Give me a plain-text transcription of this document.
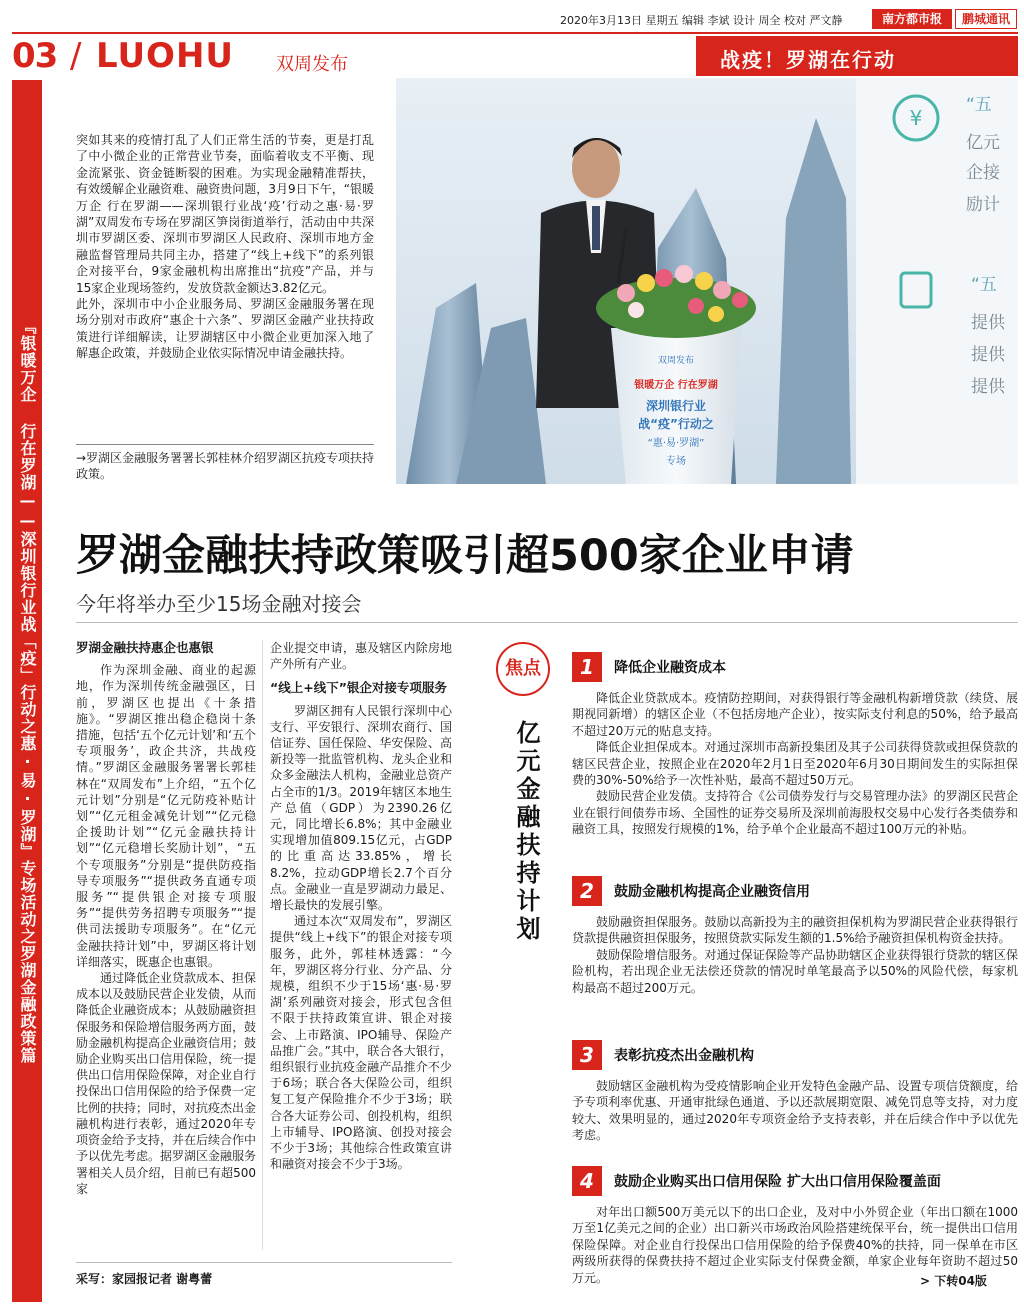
2020年3月13日 星期五 编辑 李斌 设计 周全 校对 严文静	南方都市报	鹏城通讯
03 / LUOHU 双周发布	战疫！罗湖在行动
『银暖万企 行在罗湖——深圳银行业战「疫」行动之惠·易·罗湖』专场活动之罗湖金融政策篇

突如其来的疫情打乱了人们正常生活的节奏，更是打乱了中小微企业的正常营业节奏，面临着收支不平衡、现金流紧张、资金链断裂的困难。为实现金融精准帮扶，有效缓解企业融资难、融资贵问题，3月9日下午，“银暖万企 行在罗湖——深圳银行业战‘疫’行动之惠·易·罗湖”双周发布专场在罗湖区笋岗街道举行，活动由中共深圳市罗湖区委、深圳市罗湖区人民政府、深圳市地方金融监督管理局共同主办，搭建了“线上+线下”的系列银企对接平台，9家金融机构出席推出“抗疫”产品，并与15家企业现场签约，发放贷款金额达3.82亿元。

此外，深圳市中小企业服务局、罗湖区金融服务署在现场分别对市政府“惠企十六条”、罗湖区金融产业扶持政策进行详细解读，让罗湖辖区中小微企业更加深入地了解惠企政策，并鼓励企业依实际情况申请金融扶持。

→罗湖区金融服务署署长郭桂林介绍罗湖区抗疫专项扶持政策。
¥
“五
亿元
企接
励计
“五
提供
提供
提供
双周发布
银暖万企 行在罗湖
深圳银行业
战“疫”行动之
“惠·易·罗湖”
专场
罗湖金融扶持政策吸引超500家企业申请
今年将举办至少15场金融对接会
罗湖金融扶持惠企也惠银

作为深圳金融、商业的起源地，作为深圳传统金融强区，日前，罗湖区也提出《十条措施》。“罗湖区推出稳企稳岗十条措施，包括‘五个亿元计划’和‘五个专项服务’，政企共济，共战疫情。”罗湖区金融服务署署长郭桂林在“双周发布”上介绍，“五个亿元计划”分别是“亿元防疫补贴计划”“亿元租金减免计划”“亿元稳企援助计划”“亿元金融扶持计划”“亿元稳增长奖励计划”，“五个专项服务”分别是“提供防疫指导专项服务”“提供政务直通专项服务”“提供银企对接专项服务”“提供劳务招聘专项服务”“提供司法援助专项服务”。在“亿元金融扶持计划”中，罗湖区将计划详细落实，既惠企也惠银。

通过降低企业贷款成本、担保成本以及鼓励民营企业发债，从而降低企业融资成本；从鼓励融资担保服务和保险增信服务两方面，鼓励金融机构提高企业融资信用；鼓励企业购买出口信用保险，统一提供出口信用保险保障，对企业自行投保出口信用保险的给予保费一定比例的扶持；同时，对抗疫杰出金融机构进行表彰，通过2020年专项资金给予支持，并在后续合作中予以优先考虑。据罗湖区金融服务署相关人员介绍，目前已有超500家

企业提交申请，惠及辖区内除房地产外所有产业。

“线上+线下”银企对接专项服务

罗湖区拥有人民银行深圳中心支行、平安银行、深圳农商行、国信证券、国任保险、华安保险、高新投等一批监管机构、龙头企业和众多金融法人机构，金融业总资产占全市的1/3。2019年辖区本地生产总值（GDP）为2390.26亿元，同比增长6.8%；其中金融业实现增加值809.15亿元，占GDP的比重高达33.85%，增长8.2%，拉动GDP增长2.7个百分点。金融业一直是罗湖动力最足、增长最快的发展引擎。

通过本次“双周发布”，罗湖区提供“线上+线下”的银企对接专项服务，此外，郭桂林透露：“今年，罗湖区将分行业、分产品、分规模，组织不少于15场‘惠·易·罗湖’系列融资对接会，形式包含但不限于扶持政策宣讲、银企对接会、上市路演、IPO辅导、保险产品推广会。”其中，联合各大银行，组织银行业抗疫金融产品推介不少于6场；联合各大保险公司，组织复工复产保险推介不少于3场；联合各大证券公司、创投机构，组织上市辅导、IPO路演、创投对接会不少于3场；其他综合性政策宣讲和融资对接会不少于3场。

采写：家园报记者 谢粤蕾
焦点
亿元金融扶持计划
1	降低企业融资成本

降低企业贷款成本。疫情防控期间，对获得银行等金融机构新增贷款（续贷、展期视同新增）的辖区企业（不包括房地产企业），按实际支付利息的50%，给予最高不超过20万元的贴息支持。

降低企业担保成本。对通过深圳市高新投集团及其子公司获得贷款或担保贷款的辖区民营企业，按照企业在2020年2月1日至2020年6月30日期间发生的实际担保费的30%-50%给予一次性补贴，最高不超过50万元。

鼓励民营企业发债。支持符合《公司债券发行与交易管理办法》的罗湖区民营企业在银行间债券市场、全国性的证券交易所及深圳前海股权交易中心发行各类债券和融资工具，按照发行规模的1%，给予单个企业最高不超过100万元的补贴。

2	鼓励金融机构提高企业融资信用

鼓励融资担保服务。鼓励以高新投为主的融资担保机构为罗湖民营企业获得银行贷款提供融资担保服务，按照贷款实际发生额的1.5%给予融资担保机构资金扶持。

鼓励保险增信服务。对通过保证保险等产品协助辖区企业获得银行贷款的辖区保险机构，若出现企业无法偿还贷款的情况时单笔最高予以50%的风险代偿，每家机构最高不超过200万元。

3	表彰抗疫杰出金融机构

鼓励辖区金融机构为受疫情影响企业开发特色金融产品、设置专项信贷额度，给予专项利率优惠、开通审批绿色通道、予以还款展期宽限、减免罚息等支持，对力度较大、效果明显的，通过2020年专项资金给予支持表彰，并在后续合作中予以优先考虑。

4	鼓励企业购买出口信用保险 扩大出口信用保险覆盖面

对年出口额500万美元以下的出口企业，及对中小外贸企业（年出口额在1000万至1亿美元之间的企业）出口新兴市场政治风险搭建统保平台，统一提供出口信用保险保障。对企业自行投保出口信用保险的给予保费40%的扶持，同一保单在市区两级所获得的保费扶持不超过企业实际支付保费金额，单家企业每年资助不超过50万元。	> 下转04版
